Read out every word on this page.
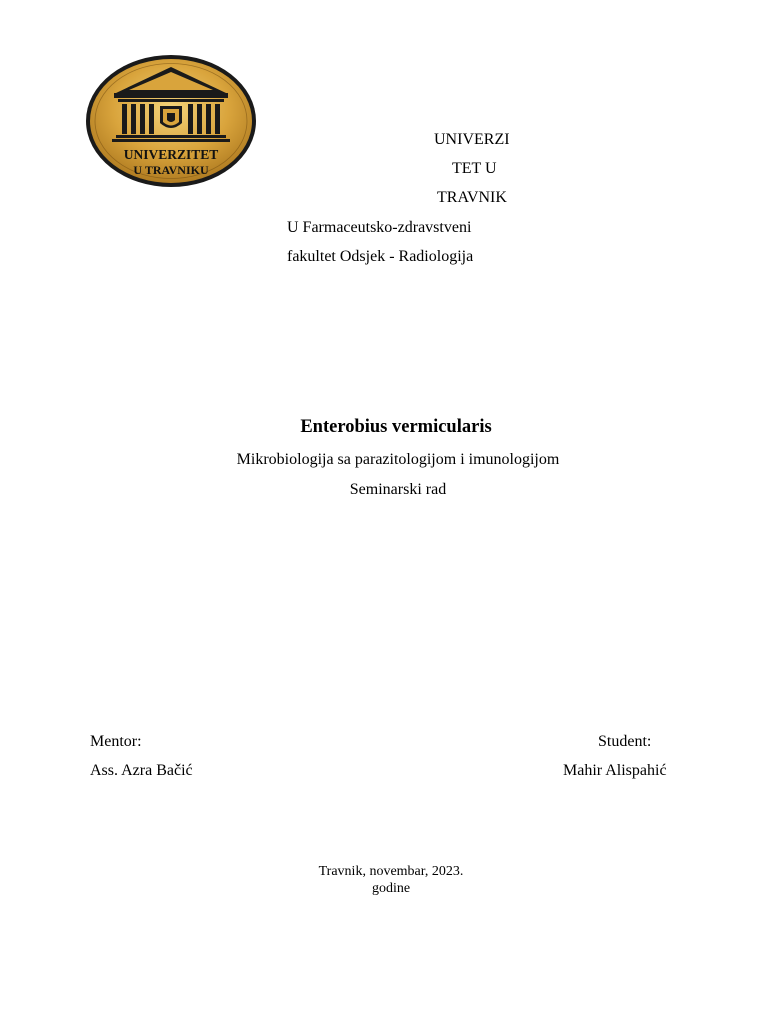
UNIVERZITET
U TRAVNIKU
UNIVERZI
TET U
TRAVNIK
U Farmaceutsko-zdravstveni
fakultet Odsjek - Radiologija
Enterobius vermicularis
Mikrobiologija sa parazitologijom i imunologijom
Seminarski rad
Mentor:
Ass. Azra Bačić
Student:
Mahir Alispahić
Travnik, novembar, 2023.
godine
